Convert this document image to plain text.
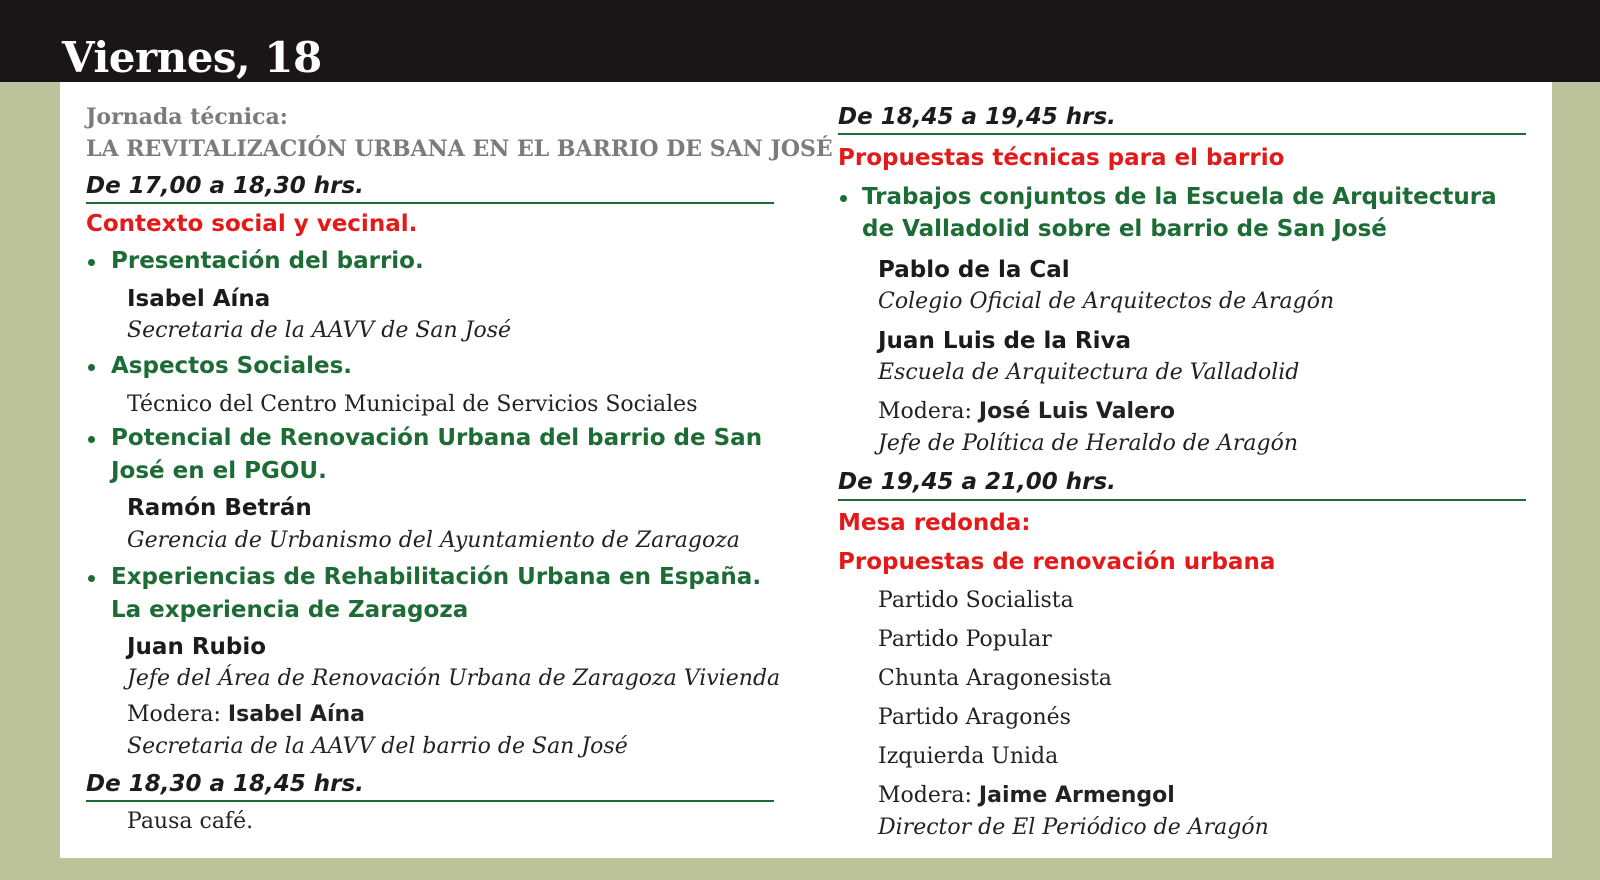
Viernes, 18

Jornada técnica:

LA REVITALIZACIÓN URBANA EN EL BARRIO DE SAN JOSÉ

De 17,00 a 18,30 hrs.

Contexto social y vecinal.

Presentación del barrio.

Isabel Aína

Secretaria de la AAVV de San José

Aspectos Sociales.

Técnico del Centro Municipal de Servicios Sociales

Potencial de Renovación Urbana del barrio de San

José en el PGOU.

Ramón Betrán

Gerencia de Urbanismo del Ayuntamiento de Zaragoza

Experiencias de Rehabilitación Urbana en España.

La experiencia de Zaragoza

Juan Rubio

Jefe del Área de Renovación Urbana de Zaragoza Vivienda

Modera: Isabel Aína

Secretaria de la AAVV del barrio de San José

De 18,30 a 18,45 hrs.

Pausa café.

De 18,45 a 19,45 hrs.

Propuestas técnicas para el barrio

Trabajos conjuntos de la Escuela de Arquitectura

de Valladolid sobre el barrio de San José

Pablo de la Cal

Colegio Oficial de Arquitectos de Aragón

Juan Luis de la Riva

Escuela de Arquitectura de Valladolid

Modera: José Luis Valero

Jefe de Política de Heraldo de Aragón

De 19,45 a 21,00 hrs.

Mesa redonda:

Propuestas de renovación urbana

Partido Socialista

Partido Popular

Chunta Aragonesista

Partido Aragonés

Izquierda Unida

Modera: Jaime Armengol

Director de El Periódico de Aragón
